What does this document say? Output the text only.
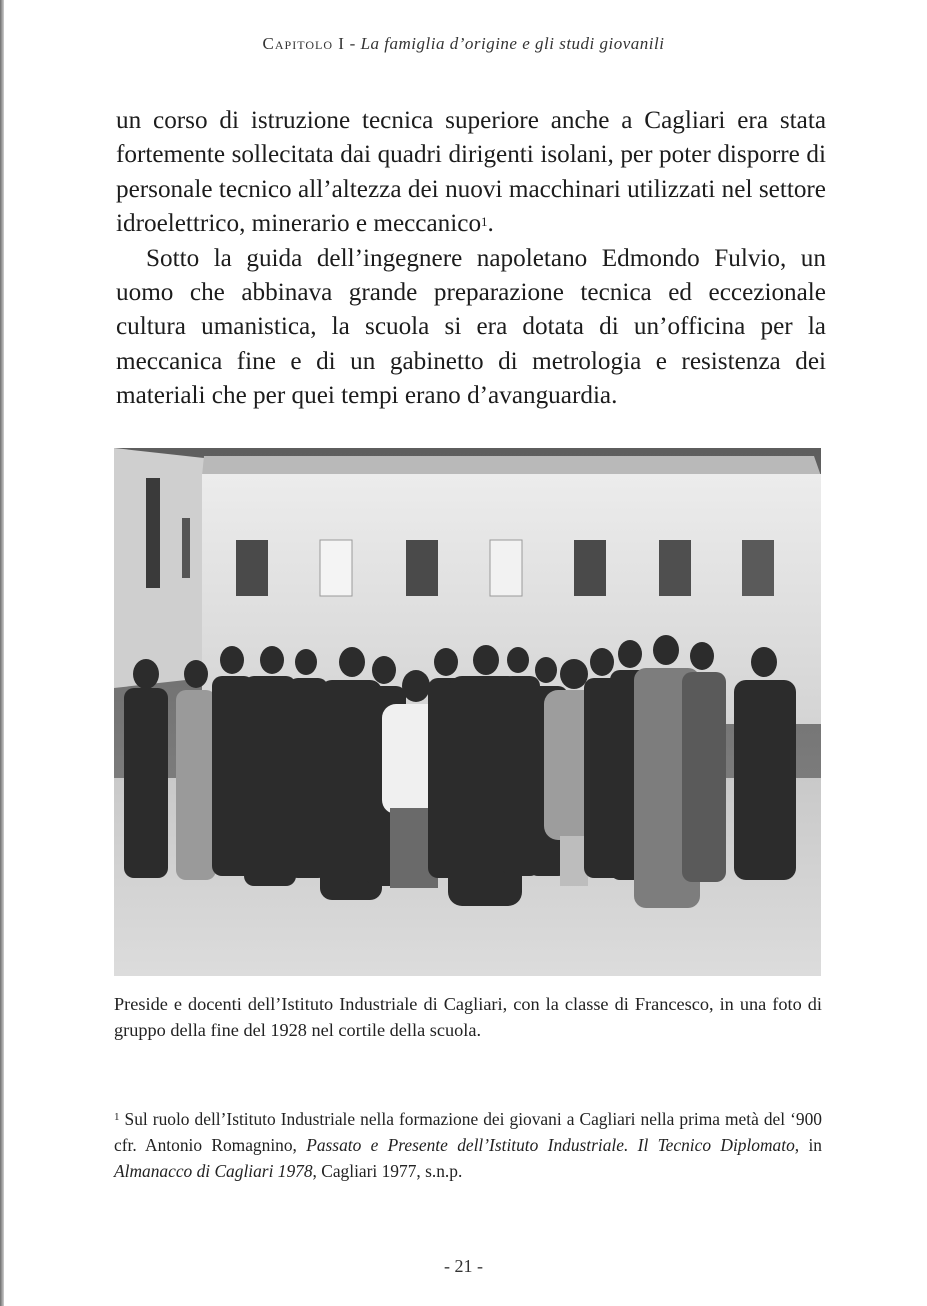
Capitolo I - La famiglia d’origine e gli studi giovanili

un corso di istruzione tecnica superiore anche a Cagliari era stata fortemente sollecitata dai quadri dirigenti isolani, per poter disporre di personale tecnico all’altezza dei nuovi macchinari utilizzati nel settore idroelettrico, minerario e meccanico$^1$.

Sotto la guida dell’ingegnere napoletano Edmondo Fulvio, un uomo che abbinava grande preparazione tecnica ed eccezionale cultura umanistica, la scuola si era dotata di un’officina per la meccanica fine e di un gabinetto di metrologia e resistenza dei materiali che per quei tempi erano d’avanguardia.

Preside e docenti dell’Istituto Industriale di Cagliari, con la classe di Francesco, in una foto di gruppo della fine del 1928 nel cortile della scuola.

$^1$ Sul ruolo dell’Istituto Industriale nella formazione dei giovani a Cagliari nella prima metà del ‘900 cfr. Antonio Romagnino, Passato e Presente dell’Istituto Industriale. Il Tecnico Diplomato, in Almanacco di Cagliari 1978, Cagliari 1977, s.n.p.

- 21 -
